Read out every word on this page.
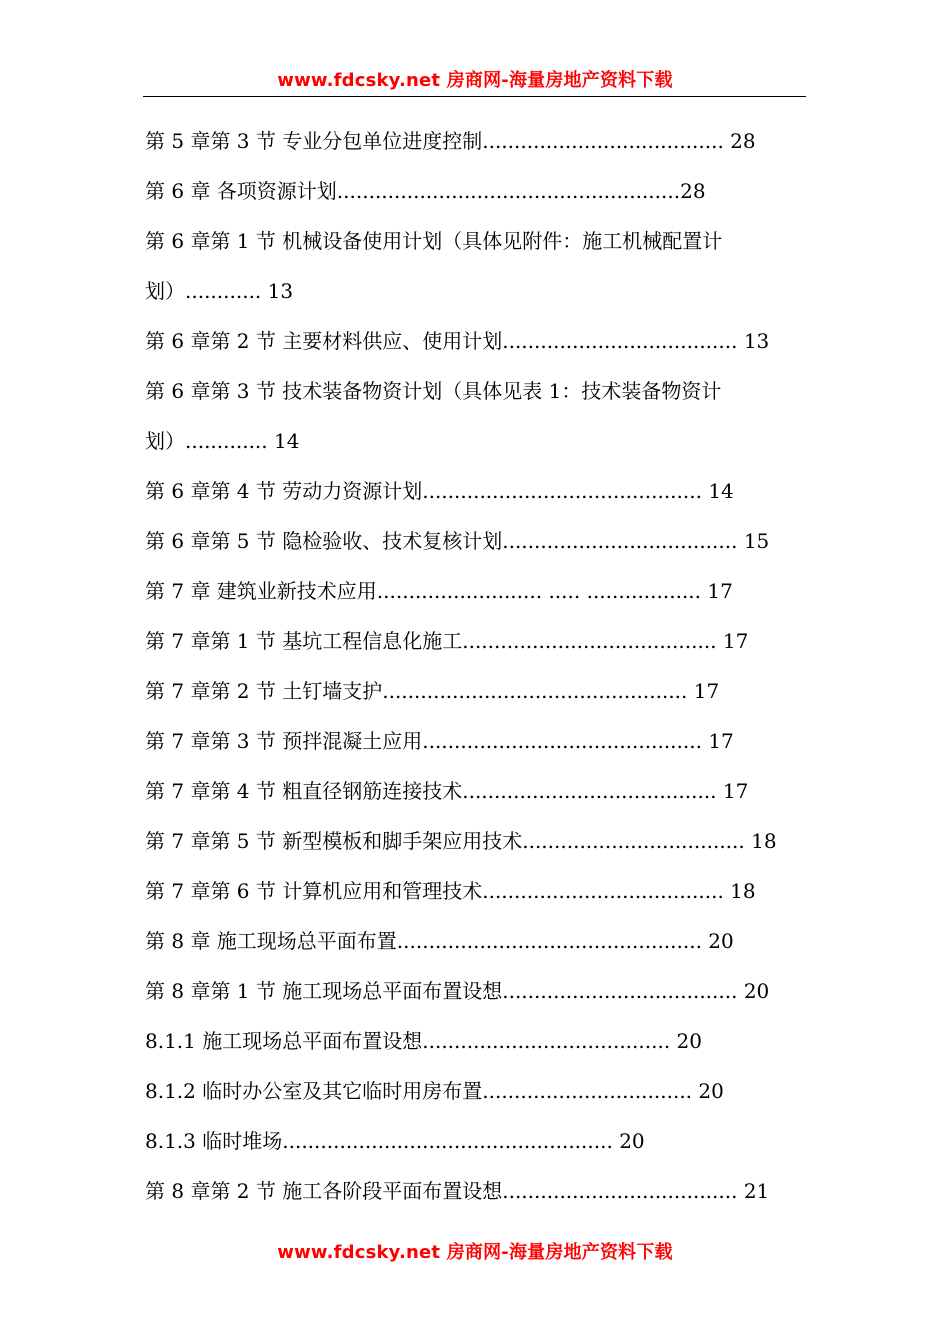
www.fdcsky.net 房商网-海量房地产资料下载
第 5 章第 3 节 专业分包单位进度控制...................................... 28
第 6 章 各项资源计划......................................................28
第 6 章第 1 节 机械设备使用计划（具体见附件：施工机械配置计
划）............ 13
第 6 章第 2 节 主要材料供应、使用计划..................................... 13
第 6 章第 3 节 技术装备物资计划（具体见表 1：技术装备物资计
划）............. 14
第 6 章第 4 节 劳动力资源计划............................................ 14
第 6 章第 5 节 隐检验收、技术复核计划..................................... 15
第 7 章 建筑业新技术应用.......................... ..... .................. 17
第 7 章第 1 节 基坑工程信息化施工........................................ 17
第 7 章第 2 节 土钉墙支护................................................ 17
第 7 章第 3 节 预拌混凝土应用............................................ 17
第 7 章第 4 节 粗直径钢筋连接技术........................................ 17
第 7 章第 5 节 新型模板和脚手架应用技术................................... 18
第 7 章第 6 节 计算机应用和管理技术...................................... 18
第 8 章 施工现场总平面布置................................................ 20
第 8 章第 1 节 施工现场总平面布置设想..................................... 20
8.1.1 施工现场总平面布置设想....................................... 20
8.1.2 临时办公室及其它临时用房布置................................. 20
8.1.3 临时堆场.................................................... 20
第 8 章第 2 节 施工各阶段平面布置设想..................................... 21
www.fdcsky.net 房商网-海量房地产资料下载
